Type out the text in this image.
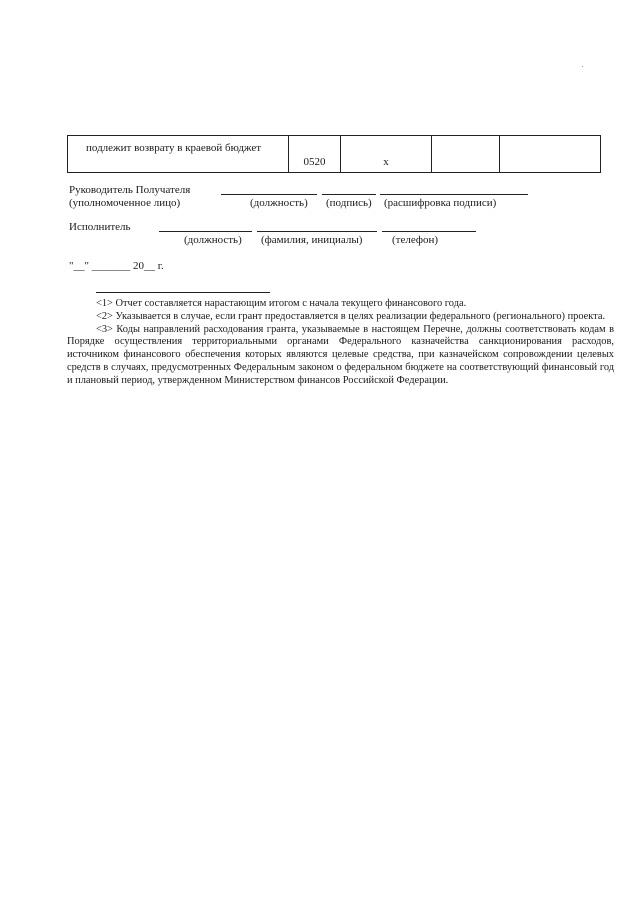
подлежит возврату в краевой бюджет	0520	x		
Руководитель Получателя
(уполномоченное лицо)	(должность) (подпись) (расшифровка подписи)
Исполнитель
(должность) (фамилия, инициалы)	(телефон)
"__" _______ 20__ г.

<1> Отчет составляется нарастающим итогом с начала текущего финансового года.

<2> Указывается в случае, если грант предоставляется в целях реализации федерального (регионального) проекта.

<3> Коды направлений расходования гранта, указываемые в настоящем Перечне, должны соответствовать кодам в Порядке осуществления территориальными органами Федерального казначейства санкционирования расходов, источником финансового обеспечения которых являются целевые средства, при казначейском сопровождении целевых средств в случаях, предусмотренных Федеральным законом о федеральном бюджете на соответствующий финансовый год и плановый период, утвержденном Министерством финансов Российской Федерации.
